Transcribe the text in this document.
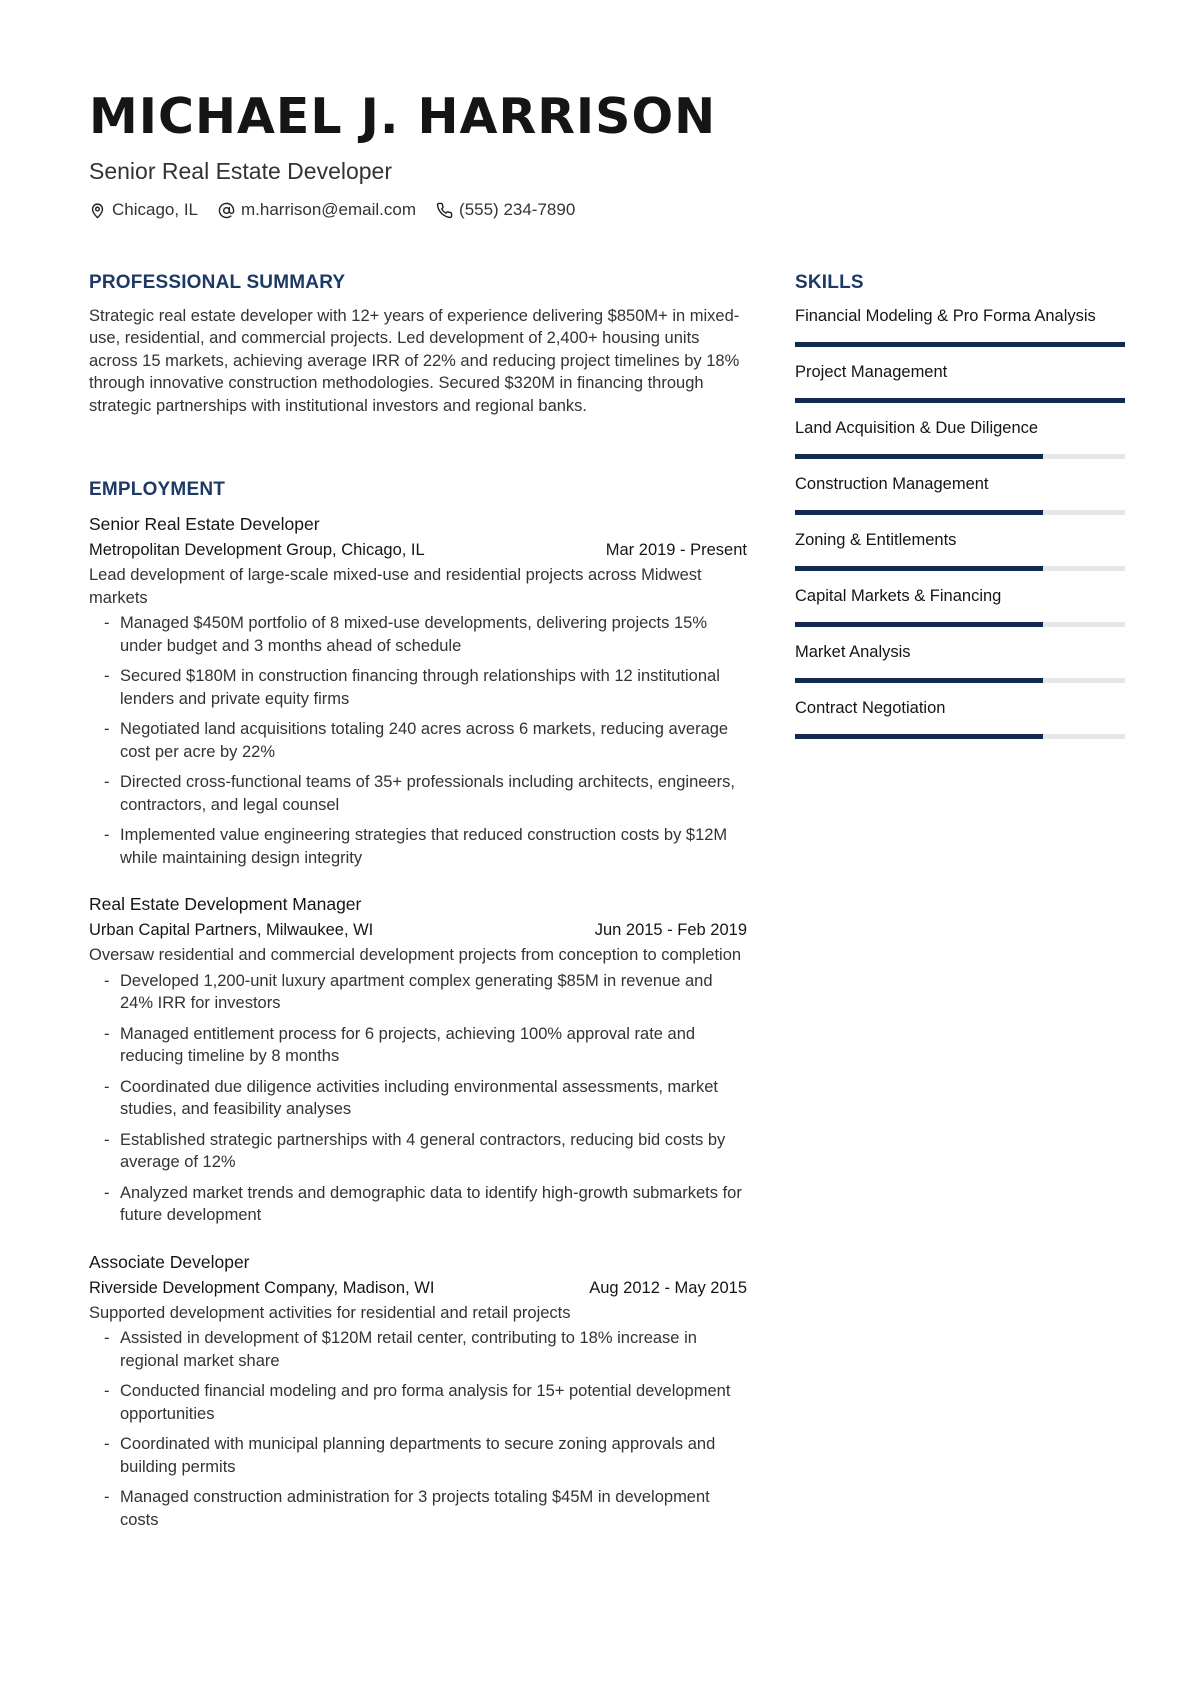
MICHAEL J. HARRISON
Senior Real Estate Developer
Chicago, IL	m.harrison@email.com	(555) 234-7890
PROFESSIONAL SUMMARY

Strategic real estate developer with 12+ years of experience delivering $850M+ in mixed-use, residential, and commercial projects. Led development of 2,400+ housing units across 15 markets, achieving average IRR of 22% and reducing project timelines by 18% through innovative construction methodologies. Secured $320M in financing through strategic partnerships with institutional investors and regional banks.

EMPLOYMENT
Senior Real Estate Developer
Metropolitan Development Group, Chicago, IL	Mar 2019 - Present
Lead development of large-scale mixed-use and residential projects across Midwest markets
- Managed $450M portfolio of 8 mixed-use developments, delivering projects 15% under budget and 3 months ahead of schedule
- Secured $180M in construction financing through relationships with 12 institutional lenders and private equity firms
- Negotiated land acquisitions totaling 240 acres across 6 markets, reducing average cost per acre by 22%
- Directed cross-functional teams of 35+ professionals including architects, engineers, contractors, and legal counsel
- Implemented value engineering strategies that reduced construction costs by $12M while maintaining design integrity
Real Estate Development Manager
Urban Capital Partners, Milwaukee, WI	Jun 2015 - Feb 2019
Oversaw residential and commercial development projects from conception to completion
- Developed 1,200-unit luxury apartment complex generating $85M in revenue and 24% IRR for investors
- Managed entitlement process for 6 projects, achieving 100% approval rate and reducing timeline by 8 months
- Coordinated due diligence activities including environmental assessments, market studies, and feasibility analyses
- Established strategic partnerships with 4 general contractors, reducing bid costs by average of 12%
- Analyzed market trends and demographic data to identify high-growth submarkets for future development
Associate Developer
Riverside Development Company, Madison, WI	Aug 2012 - May 2015
Supported development activities for residential and retail projects
- Assisted in development of $120M retail center, contributing to 18% increase in regional market share
- Conducted financial modeling and pro forma analysis for 15+ potential development opportunities
- Coordinated with municipal planning departments to secure zoning approvals and building permits
- Managed construction administration for 3 projects totaling $45M in development costs
SKILLS
Financial Modeling & Pro Forma Analysis
Project Management
Land Acquisition & Due Diligence
Construction Management
Zoning & Entitlements
Capital Markets & Financing
Market Analysis
Contract Negotiation
